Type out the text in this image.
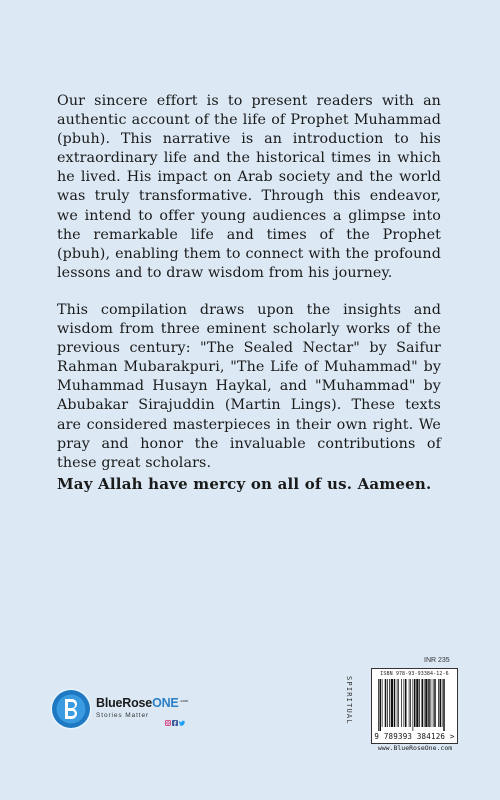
Our sincere effort is to present readers with an authentic account of the life of Prophet Muhammad (pbuh). This narrative is an introduction to his extraordinary life and the historical times in which he lived. His impact on Arab society and the world was truly transformative. Through this endeavor, we intend to offer young audiences a glimpse into the remarkable life and times of the Prophet (pbuh), enabling them to connect with the profound lessons and to draw wisdom from his journey.

This compilation draws upon the insights and wisdom from three eminent scholarly works of the previous century: "The Sealed Nectar" by Saifur Rahman Mubarakpuri, "The Life of Muhammad" by Muhammad Husayn Haykal, and "Muhammad" by Abubakar Sirajuddin (Martin Lings). These texts are considered masterpieces in their own right. We pray and honor the invaluable contributions of these great scholars.

May Allah have mercy on all of us. Aameen.

BlueRoseONE$^{.com}$
Stories Matter
INR 235
SPIRITUAL
ISBN 978-93-93384-12-6
9 789393 384126 >
www.BlueRoseOne.com
